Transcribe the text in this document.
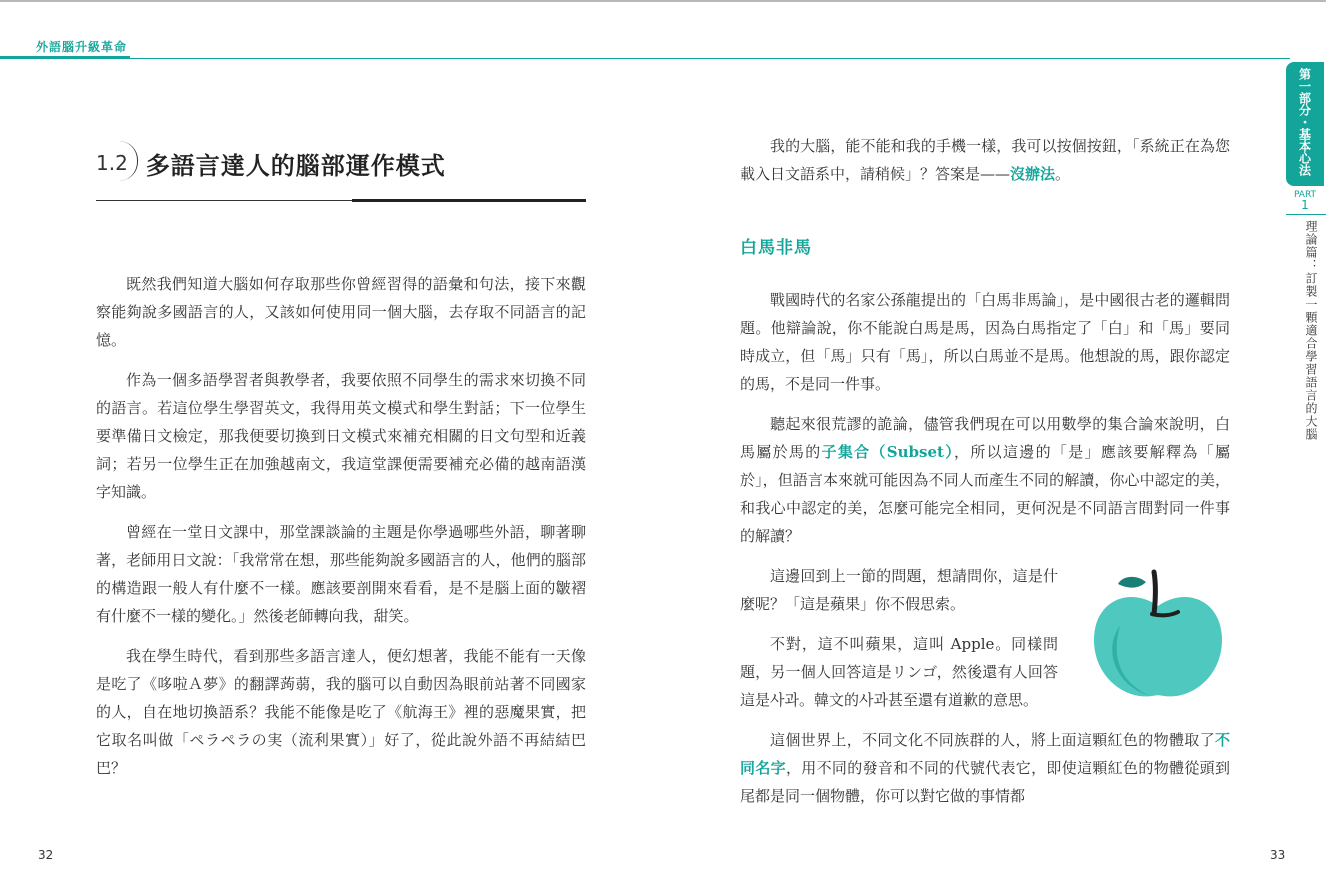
外語腦升級革命
1.2 多語言達人的腦部運作模式

既然我們知道大腦如何存取那些你曾經習得的語彙和句法，接下來觀察能夠說多國語言的人，又該如何使用同一個大腦，去存取不同語言的記憶。

作為一個多語學習者與教學者，我要依照不同學生的需求來切換不同的語言。若這位學生學習英文，我得用英文模式和學生對話；下一位學生要準備日文檢定，那我便要切換到日文模式來補充相關的日文句型和近義詞；若另一位學生正在加強越南文，我這堂課便需要補充必備的越南語漢字知識。

曾經在一堂日文課中，那堂課談論的主題是你學過哪些外語，聊著聊著，老師用日文說：「我常常在想，那些能夠說多國語言的人，他們的腦部的構造跟一般人有什麼不一樣。應該要剖開來看看，是不是腦上面的皺褶有什麼不一樣的變化。」然後老師轉向我，甜笑。

我在學生時代，看到那些多語言達人，便幻想著，我能不能有一天像是吃了《哆啦Ａ夢》的翻譯蒟蒻，我的腦可以自動因為眼前站著不同國家的人，自在地切換語系？我能不能像是吃了《航海王》裡的惡魔果實，把它取名叫做「ペラペラの実（流利果實）」好了，從此說外語不再結結巴巴？

我的大腦，能不能和我的手機一樣，我可以按個按鈕，「系統正在為您載入日文語系中，請稍候」？答案是——沒辦法。

白馬非馬

戰國時代的名家公孫龍提出的「白馬非馬論」，是中國很古老的邏輯問題。他辯論說，你不能說白馬是馬，因為白馬指定了「白」和「馬」要同時成立，但「馬」只有「馬」，所以白馬並不是馬。他想說的馬，跟你認定的馬，不是同一件事。

聽起來很荒謬的詭論，儘管我們現在可以用數學的集合論來說明，白馬屬於馬的子集合（Subset），所以這邊的「是」應該要解釋為「屬於」，但語言本來就可能因為不同人而產生不同的解讀，你心中認定的美，和我心中認定的美，怎麼可能完全相同，更何況是不同語言間對同一件事的解讀？

這邊回到上一節的問題，想請問你，這是什麼呢？「這是蘋果」你不假思索。

不對，這不叫蘋果，這叫 Apple。同樣問題，另一個人回答這是リンゴ，然後還有人回答這是사과。韓文的사과甚至還有道歉的意思。

這個世界上，不同文化不同族群的人，將上面這顆紅色的物體取了不同名字，用不同的發音和不同的代號代表它，即使這顆紅色的物體從頭到尾都是同一個物體，你可以對它做的事情都

第一部分・基本心法
PART
1
理論篇：訂製一顆適合學習語言的大腦
32	33
